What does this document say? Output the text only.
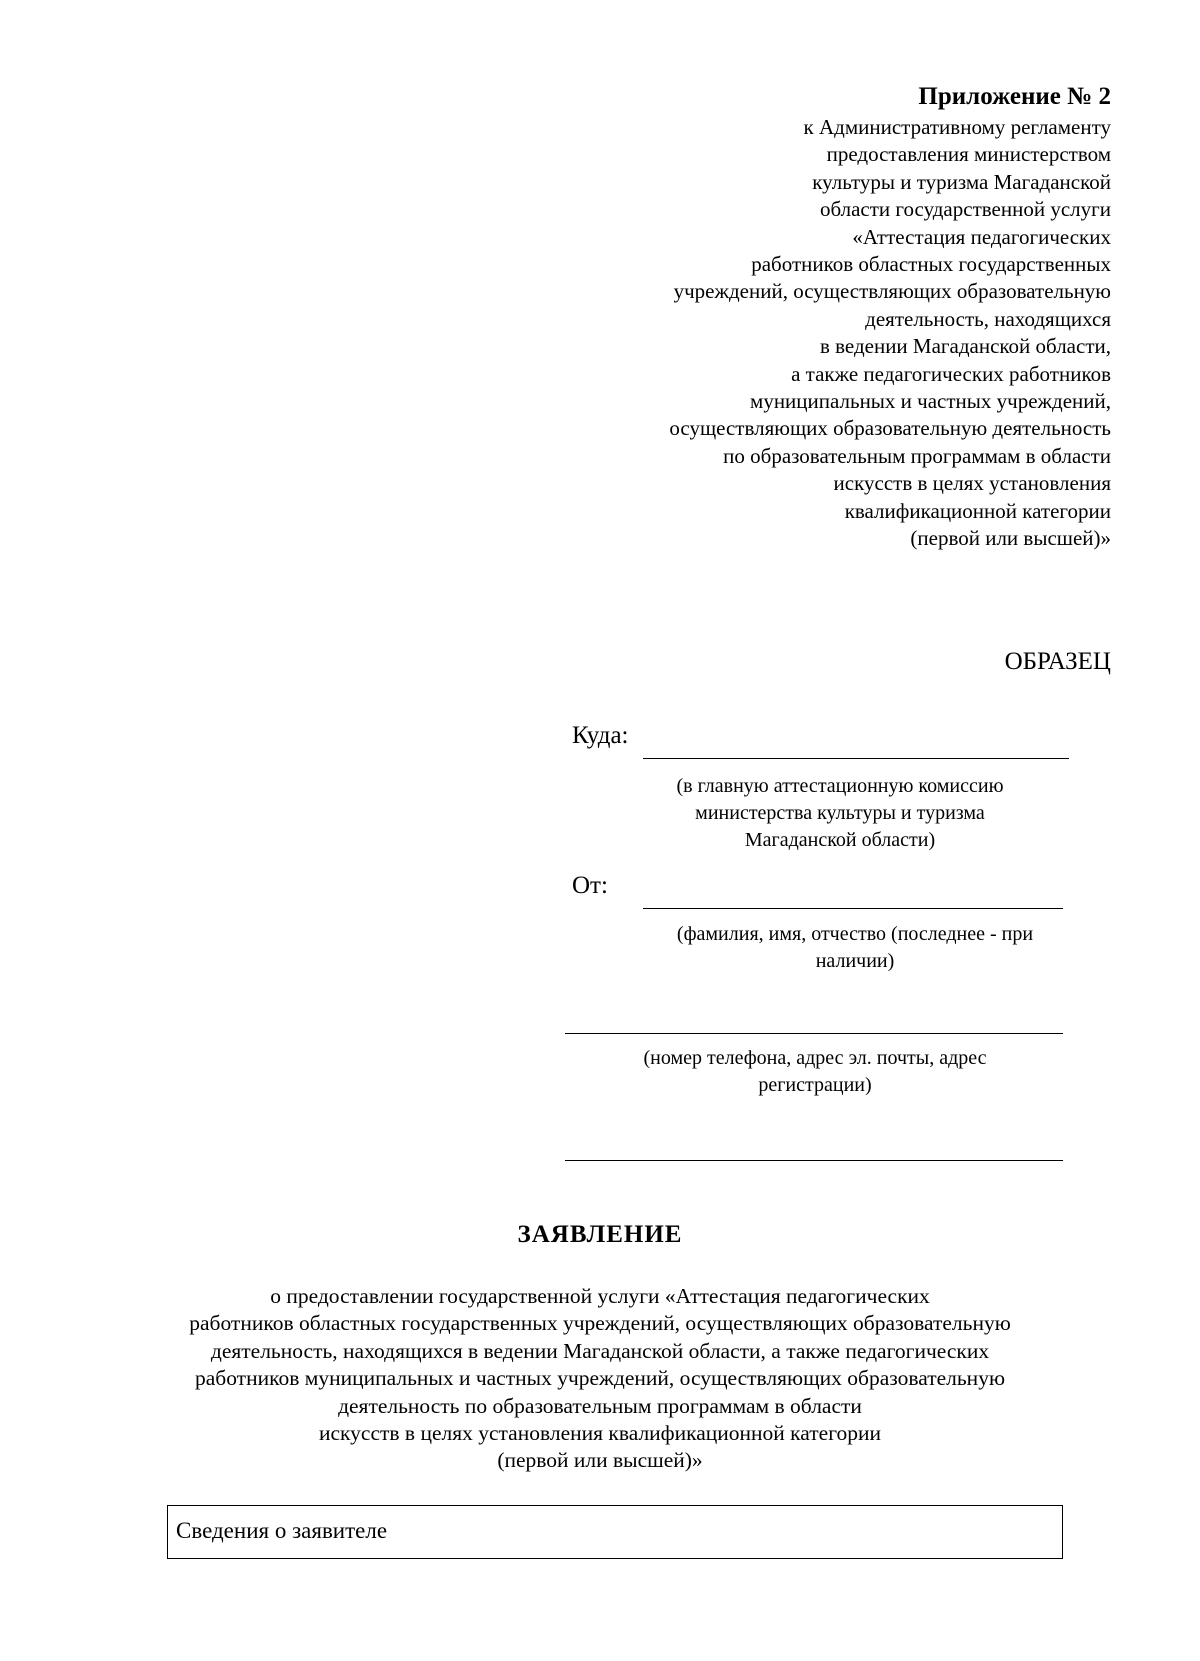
Приложение № 2
к Административному регламенту
предоставления министерством
культуры и туризма Магаданской
области государственной услуги
«Аттестация педагогических
работников областных государственных
учреждений, осуществляющих образовательную
деятельность, находящихся
в ведении Магаданской области,
а также педагогических работников
муниципальных и частных учреждений,
осуществляющих образовательную деятельность
по образовательным программам в области
искусств в целях установления
квалификационной категории
(первой или высшей)»
ОБРАЗЕЦ
Куда:
(в главную аттестационную комиссию
министерства культуры и туризма
Магаданской области)
От:
(фамилия, имя, отчество (последнее - при
наличии)
(номер телефона, адрес эл. почты, адрес
регистрации)
ЗАЯВЛЕНИЕ
о предоставлении государственной услуги «Аттестация педагогических
работников областных государственных учреждений, осуществляющих образовательную
деятельность, находящихся в ведении Магаданской области, а также педагогических
работников муниципальных и частных учреждений, осуществляющих образовательную
деятельность по образовательным программам в области
искусств в целях установления квалификационной категории
(первой или высшей)»
Сведения о заявителе
